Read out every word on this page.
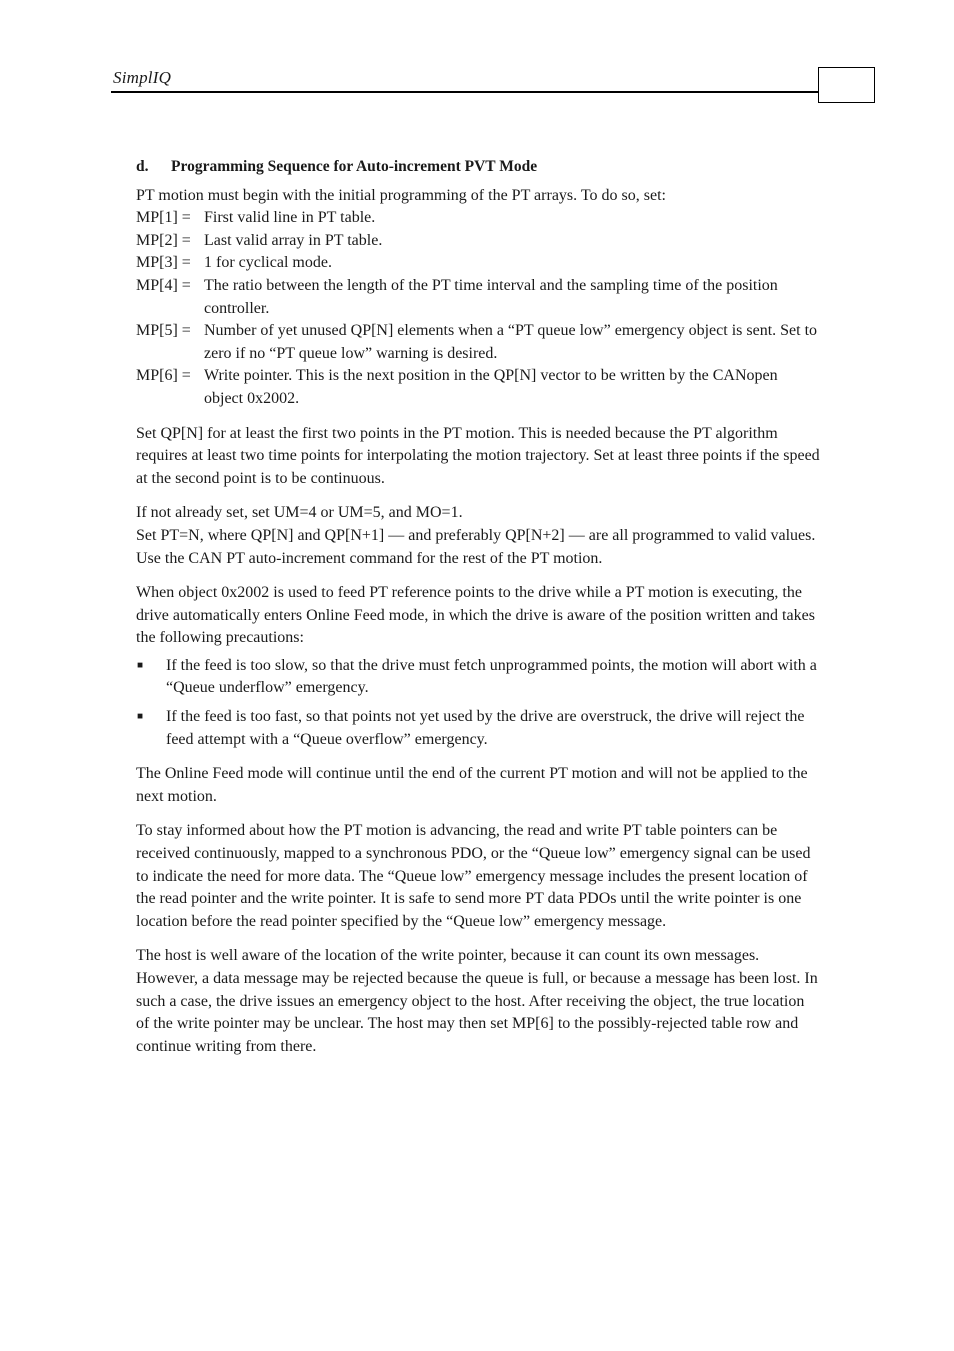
SimplIQ
d.	Programming Sequence for Auto-increment PVT Mode

PT motion must begin with the initial programming of the PT arrays. To do so, set:

MP[1] = First valid line in PT table.
MP[2] = Last valid array in PT table.
MP[3] = 1 for cyclical mode.
MP[4] = The ratio between the length of the PT time interval and the sampling time of the position controller.
MP[5] = Number of yet unused QP[N] elements when a “PT queue low” emergency object is sent. Set to zero if no “PT queue low” warning is desired.
MP[6] = Write pointer. This is the next position in the QP[N] vector to be written by the CANopen object 0x2002.

Set QP[N] for at least the first two points in the PT motion. This is needed because the PT algorithm requires at least two time points for interpolating the motion trajectory. Set at least three points if the speed at the second point is to be continuous.

If not already set, set UM=4 or UM=5, and MO=1.

Set PT=N, where QP[N] and QP[N+1] — and preferably QP[N+2] — are all programmed to valid values.

Use the CAN PT auto-increment command for the rest of the PT motion.

When object 0x2002 is used to feed PT reference points to the drive while a PT motion is executing, the drive automatically enters Online Feed mode, in which the drive is aware of the position written and takes the following precautions:

■	If the feed is too slow, so that the drive must fetch unprogrammed points, the motion will abort with a “Queue underflow” emergency.
■	If the feed is too fast, so that points not yet used by the drive are overstruck, the drive will reject the feed attempt with a “Queue overflow” emergency.

The Online Feed mode will continue until the end of the current PT motion and will not be applied to the next motion.

To stay informed about how the PT motion is advancing, the read and write PT table pointers can be received continuously, mapped to a synchronous PDO, or the “Queue low” emergency signal can be used to indicate the need for more data. The “Queue low” emergency message includes the present location of the read pointer and the write pointer. It is safe to send more PT data PDOs until the write pointer is one location before the read pointer specified by the “Queue low” emergency message.

The host is well aware of the location of the write pointer, because it can count its own messages. However, a data message may be rejected because the queue is full, or because a message has been lost. In such a case, the drive issues an emergency object to the host. After receiving the object, the true location of the write pointer may be unclear. The host may then set MP[6] to the possibly-rejected table row and continue writing from there.
